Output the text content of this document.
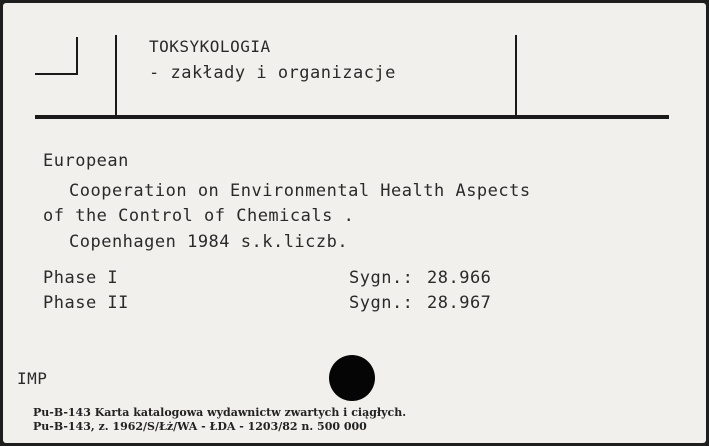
TOKSYKOLOGIA
- zakłady i organizacje
European
Cooperation on Environmental Health Aspects
of the Control of Chemicals .
Copenhagen 1984 s.k.liczb.
Phase I	Sygn.: 28.966
Phase II	Sygn.: 28.967
IMP
Pu-B-143 Karta katalogowa wydawnictw zwartych i ciągłych.
Pu-B-143, z. 1962/S/Łż/WA - ŁDA - 1203/82 n. 500 000
